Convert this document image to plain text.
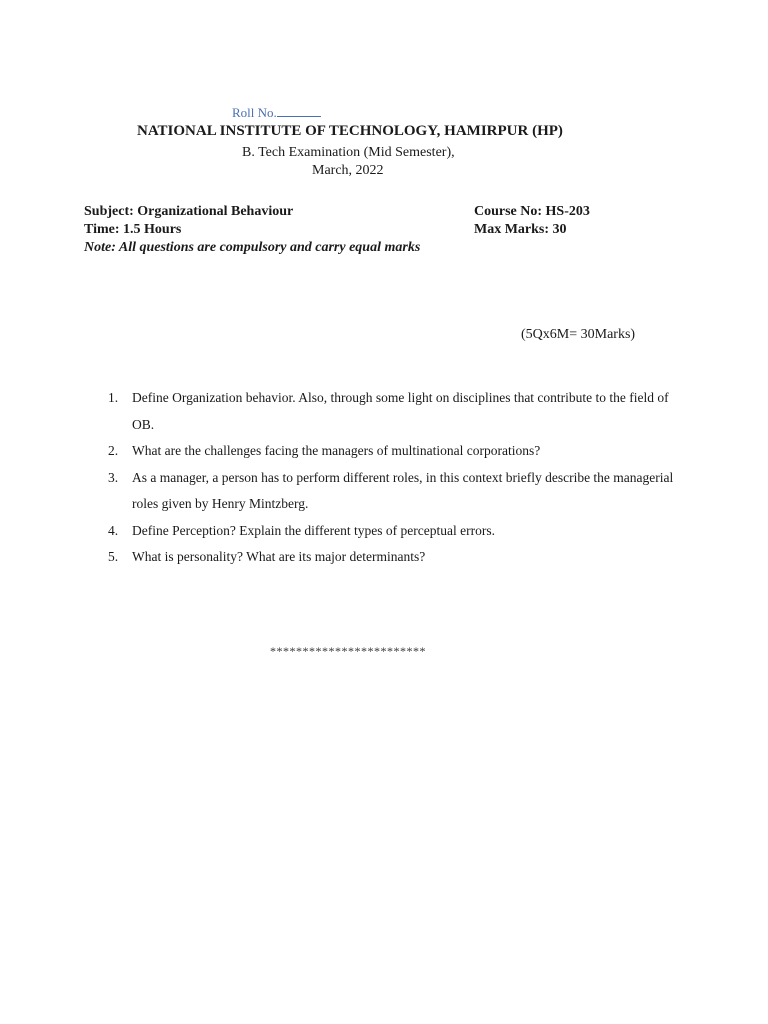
Roll No.
NATIONAL INSTITUTE OF TECHNOLOGY, HAMIRPUR (HP)
B. Tech Examination (Mid Semester),
March, 2022
Subject: Organizational Behaviour
Time: 1.5 Hours
Course No: HS-203
Max Marks: 30
Note: All questions are compulsory and carry equal marks
(5Qx6M= 30Marks)
1. Define Organization behavior. Also, through some light on disciplines that contribute to the field of OB.
2. What are the challenges facing the managers of multinational corporations?
3. As a manager, a person has to perform different roles, in this context briefly describe the managerial roles given by Henry Mintzberg.
4. Define Perception? Explain the different types of perceptual errors.
5. What is personality? What are its major determinants?
************************
